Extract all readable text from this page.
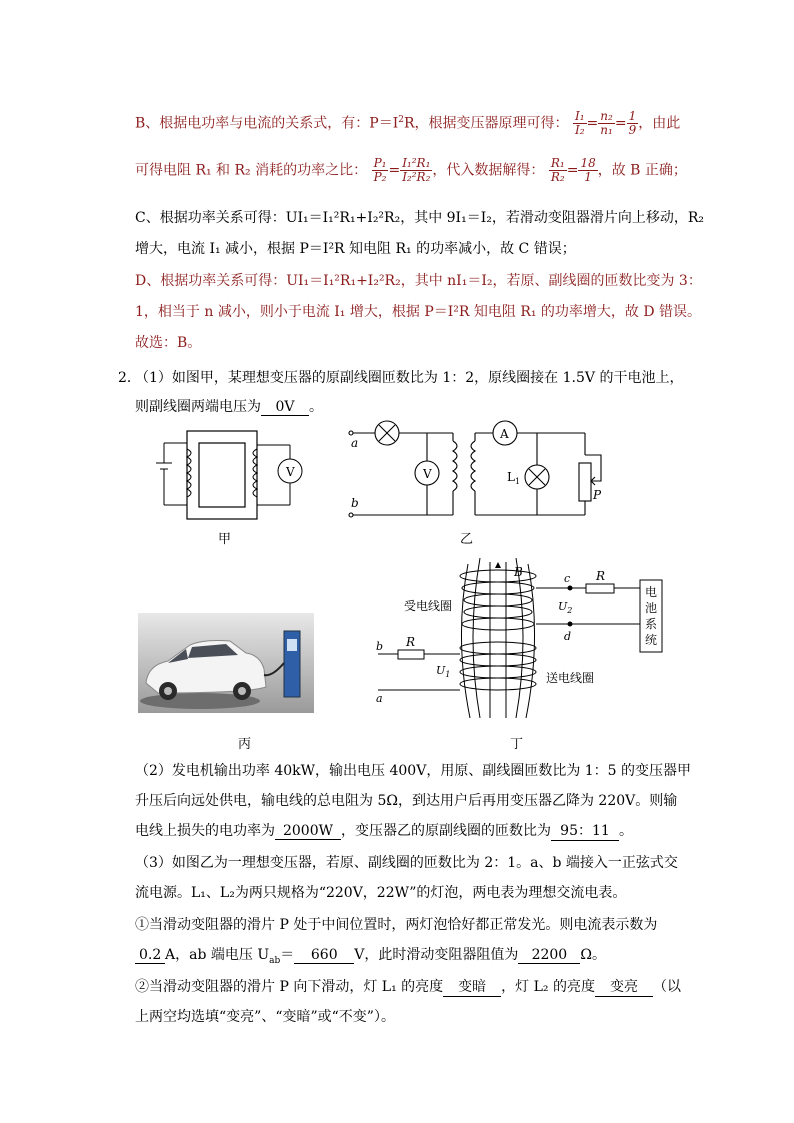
B、根据电功率与电流的关系式，有：$P=I^2R$，根据变压器原理可得： $\frac{\text{I₁}}{\text{I₂}} = \frac{\text{n₂}}{\text{n₁}} = \frac{1}{9}$ ，由此
可得电阻 R₁ 和 R₂ 消耗的功率之比： $\frac{\text{P₁}}{\text{P₂}} = \frac{\text{I₁²R₁}}{\text{I₂²R₂}}$ ，代入数据解得： $\frac{\text{R₁}}{\text{R₂}} = \frac{18}{1}$ ，故 B 正确；
C、根据功率关系可得：UI₁＝I₁²R₁+I₂²R₂，其中 9I₁＝I₂，若滑动变阻器滑片向上移动，R₂
增大，电流 I₁ 减小，根据 P＝I²R 知电阻 R₁ 的功率减小，故 C 错误；
D、根据功率关系可得：UI₁＝I₁²R₁+I₂²R₂，其中 nI₁＝I₂，若原、副线圈的匝数比变为 3：
1，相当于 n 减小，则小于电流 I₁ 增大，根据 P＝I²R 知电阻 R₁ 的功率增大，故 D 错误。
故选：B。
2．
（1）如图甲，某理想变压器的原副线圈匝数比为 1：2，原线圈接在 1.5V 的干电池上，
则副线圈两端电压为 0V 。
V
甲
a
b
V
A
$L_1$
P
乙
丙
B	c
d
R
$U_2$
R
$U_1$
b
a
受电线圈
送电线圈
电
池
系
统
丁
（2）发电机输出功率 40kW，输出电压 400V，用原、副线圈匝数比为 1：5 的变压器甲
升压后向远处供电，输电线的总电阻为 5Ω，到达用户后再用变压器乙降为 220V。则输
电线上损失的电功率为 2000W ，变压器乙的原副线圈的匝数比为 95：11 。
（3）如图乙为一理想变压器，若原、副线圈的匝数比为 2：1。a、b 端接入一正弦式交
流电源。L₁、L₂为两只规格为“220V，22W”的灯泡，两电表为理想交流电表。
①当滑动变阻器的滑片 P 处于中间位置时，两灯泡恰好都正常发光。则电流表示数为
0.2 A，ab 端电压 $U_{ab}= 660$ V，此时滑动变阻器阻值为 2200 Ω。
②当滑动变阻器的滑片 P 向下滑动，灯 L₁ 的亮度 变暗 ，灯 L₂ 的亮度 变亮 （以
上两空均选填“变亮”、“变暗”或“不变”）。
